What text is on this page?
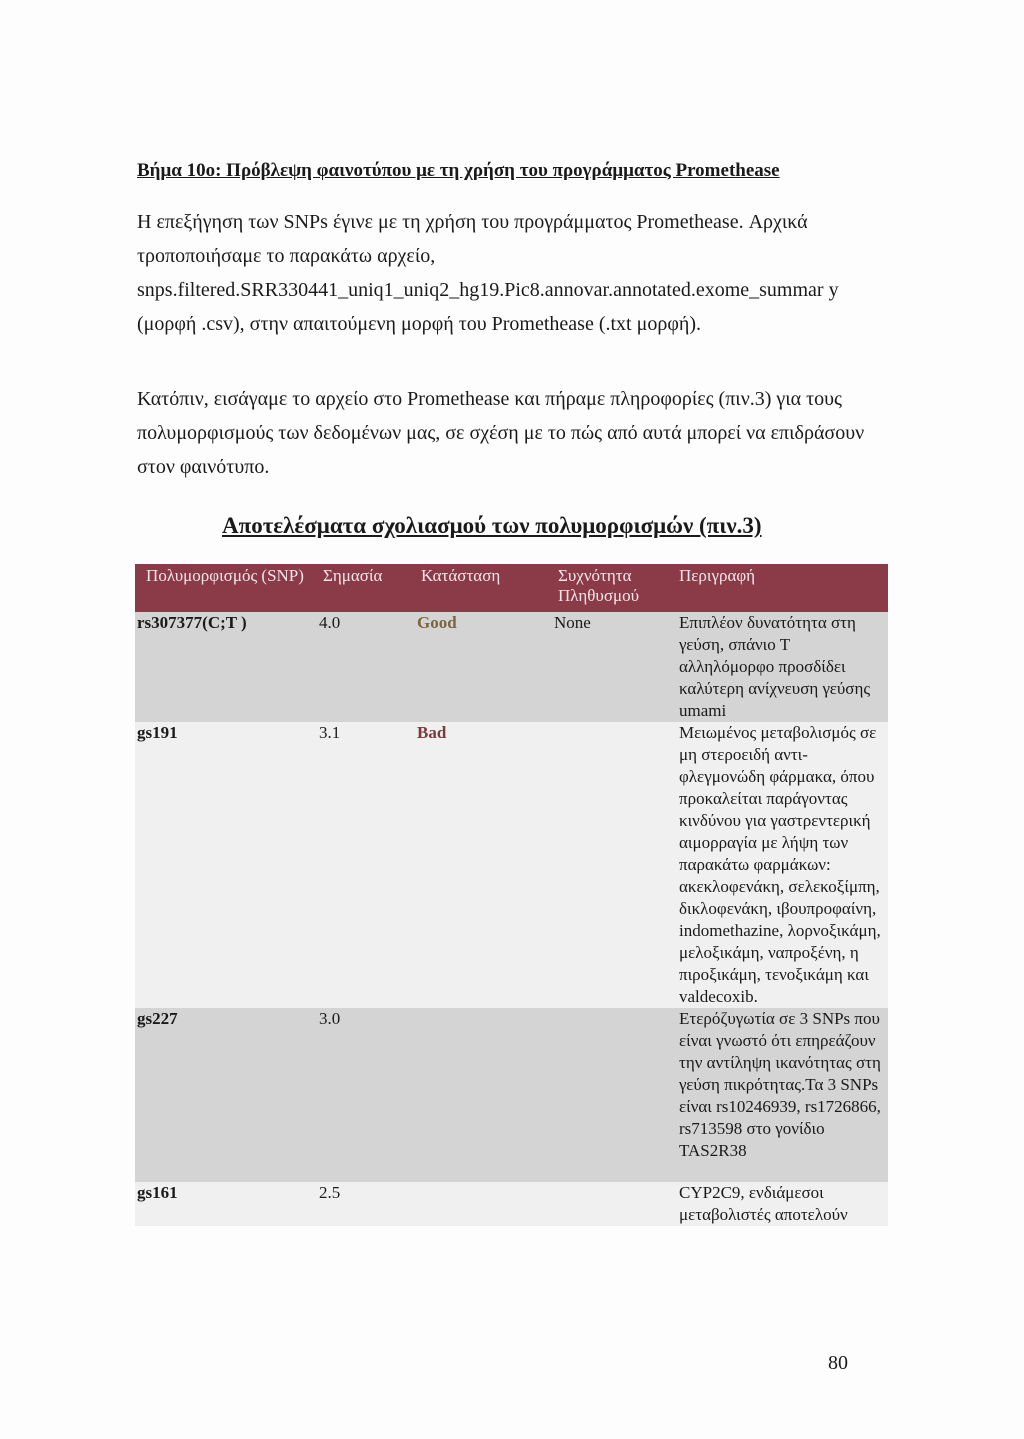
Βήμα 10ο: Πρόβλεψη φαινοτύπου με τη χρήση του προγράμματος Promethease
Η επεξήγηση των SNPs έγινε με τη χρήση του προγράμματος Promethease. Αρχικά τροποποιήσαμε το παρακάτω αρχείο, snps.filtered.SRR330441_uniq1_uniq2_hg19.Pic8.annovar.annotated.exome_summar y (μορφή .csv), στην απαιτούμενη μορφή του Promethease (.txt μορφή).
Κατόπιν, εισάγαμε το αρχείο στο Promethease και πήραμε πληροφορίες (πιν.3) για τους πολυμορφισμούς των δεδομένων μας, σε σχέση με το πώς από αυτά μπορεί να επιδράσουν στον φαινότυπο.
Αποτελέσματα σχολιασμού των πολυμορφισμών (πιν.3)
Πολυμορφισμός (SNP)	Σημασία	Κατάσταση	Συχνότητα Πληθυσμού	Περιγραφή
rs307377(C;T )	4.0	Good	None	Επιπλέον δυνατότητα στη γεύση, σπάνιο Τ αλληλόμορφο προσδίδει καλύτερη ανίχνευση γεύσης umami
gs191	3.1	Bad		Μειωμένος μεταβολισμός σε μη στεροειδή αντι-φλεγμονώδη φάρμακα, όπου προκαλείται παράγοντας κινδύνου για γαστρεντερική αιμορραγία με λήψη των παρακάτω φαρμάκων: ακεκλοφενάκη, σελεκοξίμπη, δικλοφενάκη, ιβουπροφαίνη, indomethazine, λορνοξικάμη, μελοξικάμη, ναπροξένη, η πιροξικάμη, τενοξικάμη και valdecoxib.
gs227	3.0			Ετερόζυγωτία σε 3 SNPs που είναι γνωστό ότι επηρεάζουν την αντίληψη ικανότητας στη γεύση πικρότητας.Τα 3 SNPs είναι rs10246939, rs1726866, rs713598 στο γονίδιο TAS2R38
gs161	2.5			CYP2C9, ενδιάμεσοι μεταβολιστές αποτελούν
80
